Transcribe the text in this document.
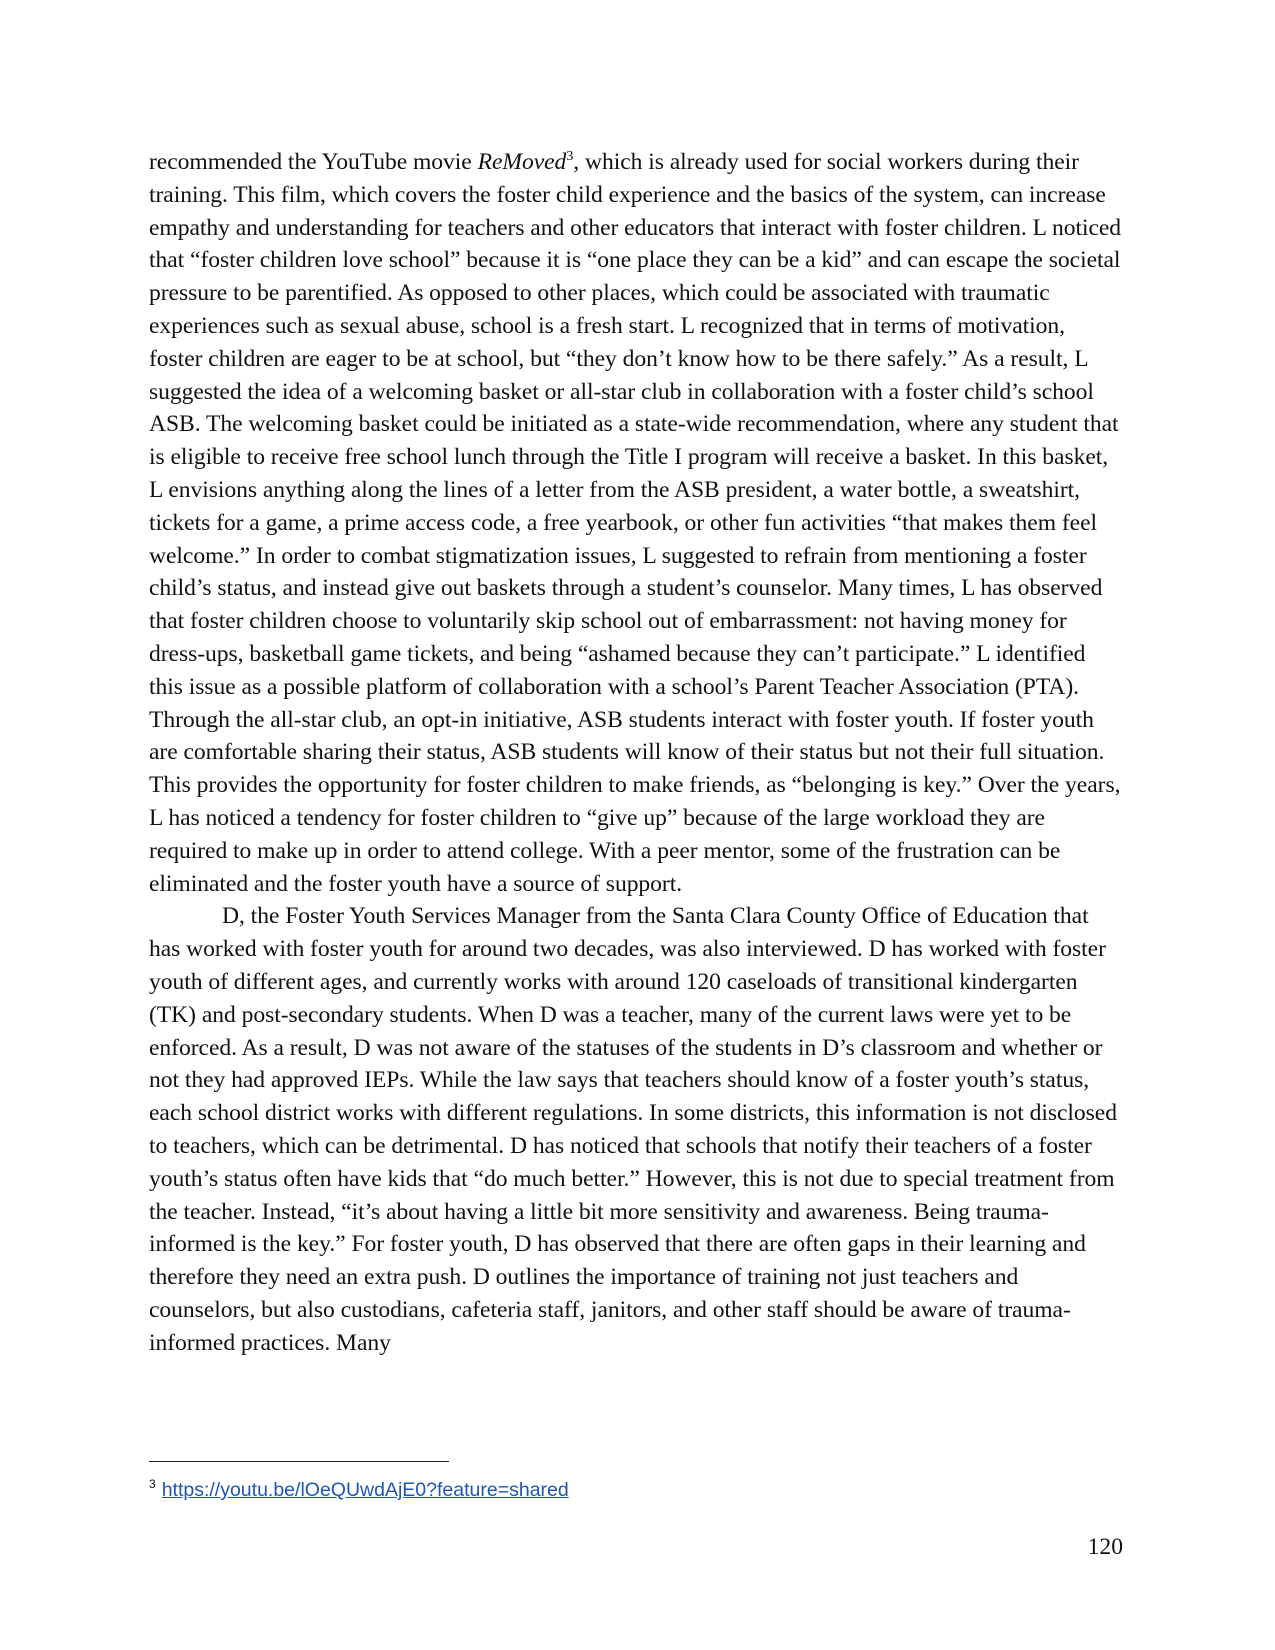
recommended the YouTube movie ReMoved$^3$, which is already used for social workers during their training. This film, which covers the foster child experience and the basics of the system, can increase empathy and understanding for teachers and other educators that interact with foster children. L noticed that “foster children love school” because it is “one place they can be a kid” and can escape the societal pressure to be parentified. As opposed to other places, which could be associated with traumatic experiences such as sexual abuse, school is a fresh start. L recognized that in terms of motivation, foster children are eager to be at school, but “they don’t know how to be there safely.” As a result, L suggested the idea of a welcoming basket or all-star club in collaboration with a foster child’s school ASB. The welcoming basket could be initiated as a state-wide recommendation, where any student that is eligible to receive free school lunch through the Title I program will receive a basket. In this basket, L envisions anything along the lines of a letter from the ASB president, a water bottle, a sweatshirt, tickets for a game, a prime access code, a free yearbook, or other fun activities “that makes them feel welcome.” In order to combat stigmatization issues, L suggested to refrain from mentioning a foster child’s status, and instead give out baskets through a student’s counselor. Many times, L has observed that foster children choose to voluntarily skip school out of embarrassment: not having money for dress-ups, basketball game tickets, and being “ashamed because they can’t participate.” L identified this issue as a possible platform of collaboration with a school’s Parent Teacher Association (PTA). Through the all-star club, an opt-in initiative, ASB students interact with foster youth. If foster youth are comfortable sharing their status, ASB students will know of their status but not their full situation. This provides the opportunity for foster children to make friends, as “belonging is key.” Over the years, L has noticed a tendency for foster children to “give up” because of the large workload they are required to make up in order to attend college. With a peer mentor, some of the frustration can be eliminated and the foster youth have a source of support.

D, the Foster Youth Services Manager from the Santa Clara County Office of Education that has worked with foster youth for around two decades, was also interviewed. D has worked with foster youth of different ages, and currently works with around 120 caseloads of transitional kindergarten (TK) and post-secondary students. When D was a teacher, many of the current laws were yet to be enforced. As a result, D was not aware of the statuses of the students in D’s classroom and whether or not they had approved IEPs. While the law says that teachers should know of a foster youth’s status, each school district works with different regulations. In some districts, this information is not disclosed to teachers, which can be detrimental. D has noticed that schools that notify their teachers of a foster youth’s status often have kids that “do much better.” However, this is not due to special treatment from the teacher. Instead, “it’s about having a little bit more sensitivity and awareness. Being trauma-informed is the key.” For foster youth, D has observed that there are often gaps in their learning and therefore they need an extra push. D outlines the importance of training not just teachers and counselors, but also custodians, cafeteria staff, janitors, and other staff should be aware of trauma-informed practices. Many

$^3$ https://youtu.be/lOeQUwdAjE0?feature=shared
120
